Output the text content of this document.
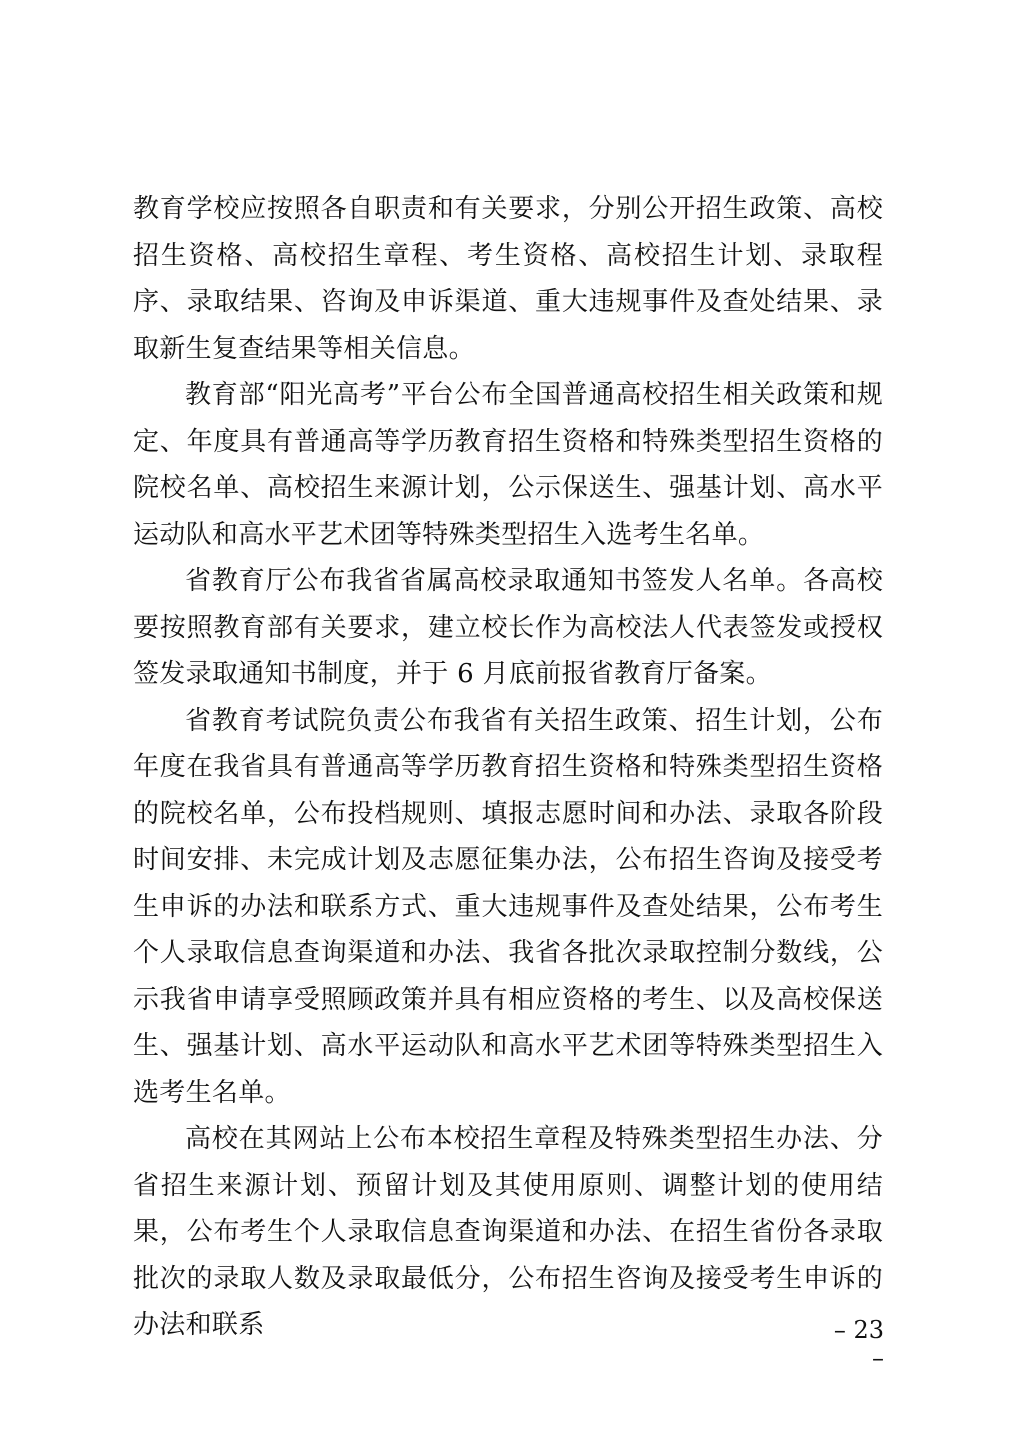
教育学校应按照各自职责和有关要求，分别公开招生政策、高校招生资格、高校招生章程、考生资格、高校招生计划、录取程序、录取结果、咨询及申诉渠道、重大违规事件及查处结果、录取新生复查结果等相关信息。

教育部“阳光高考”平台公布全国普通高校招生相关政策和规定、年度具有普通高等学历教育招生资格和特殊类型招生资格的院校名单、高校招生来源计划，公示保送生、强基计划、高水平运动队和高水平艺术团等特殊类型招生入选考生名单。

省教育厅公布我省省属高校录取通知书签发人名单。各高校要按照教育部有关要求，建立校长作为高校法人代表签发或授权签发录取通知书制度，并于 6 月底前报省教育厅备案。

省教育考试院负责公布我省有关招生政策、招生计划，公布年度在我省具有普通高等学历教育招生资格和特殊类型招生资格的院校名单，公布投档规则、填报志愿时间和办法、录取各阶段时间安排、未完成计划及志愿征集办法，公布招生咨询及接受考生申诉的办法和联系方式、重大违规事件及查处结果，公布考生个人录取信息查询渠道和办法、我省各批次录取控制分数线，公示我省申请享受照顾政策并具有相应资格的考生、以及高校保送生、强基计划、高水平运动队和高水平艺术团等特殊类型招生入选考生名单。

高校在其网站上公布本校招生章程及特殊类型招生办法、分省招生来源计划、预留计划及其使用原则、调整计划的使用结果，公布考生个人录取信息查询渠道和办法、在招生省份各录取批次的录取人数及录取最低分，公布招生咨询及接受考生申诉的办法和联系	– 23 –
